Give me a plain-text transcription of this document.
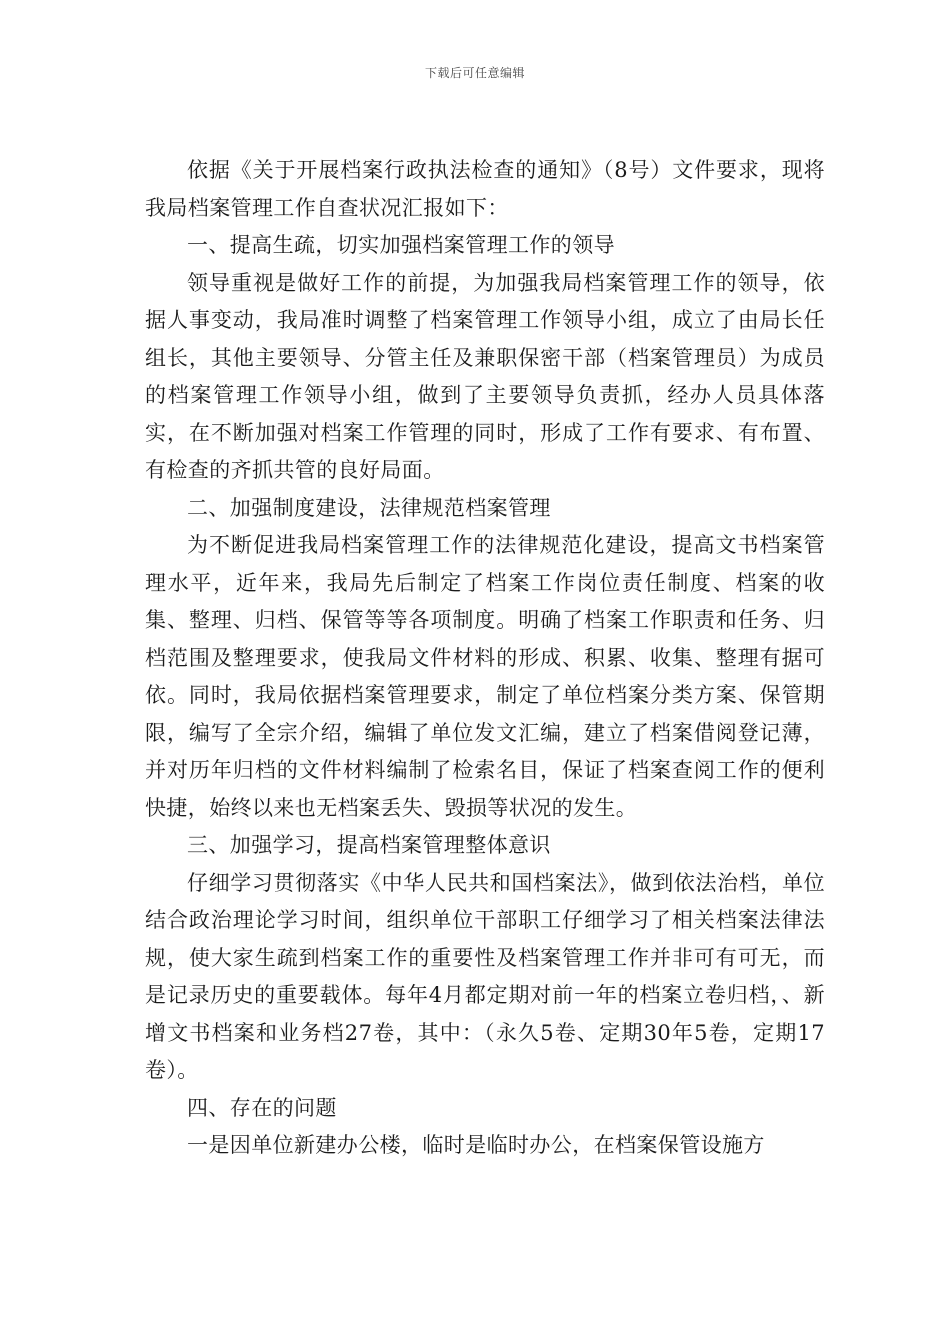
下载后可任意编辑

依据《关于开展档案行政执法检查的通知》（8号）文件要求，现将我局档案管理工作自查状况汇报如下：

一、提高生疏，切实加强档案管理工作的领导

领导重视是做好工作的前提，为加强我局档案管理工作的领导，依据人事变动，我局准时调整了档案管理工作领导小组，成立了由局长任组长，其他主要领导、分管主任及兼职保密干部（档案管理员）为成员的档案管理工作领导小组，做到了主要领导负责抓，经办人员具体落实，在不断加强对档案工作管理的同时，形成了工作有要求、有布置、有检查的齐抓共管的良好局面。

二、加强制度建设，法律规范档案管理

为不断促进我局档案管理工作的法律规范化建设，提高文书档案管理水平，近年来，我局先后制定了档案工作岗位责任制度、档案的收集、整理、归档、保管等等各项制度。明确了档案工作职责和任务、归档范围及整理要求，使我局文件材料的形成、积累、收集、整理有据可依。同时，我局依据档案管理要求，制定了单位档案分类方案、保管期限，编写了全宗介绍，编辑了单位发文汇编，建立了档案借阅登记薄，并对历年归档的文件材料编制了检索名目，保证了档案查阅工作的便利快捷，始终以来也无档案丢失、毁损等状况的发生。

三、加强学习，提高档案管理整体意识

仔细学习贯彻落实《中华人民共和国档案法》，做到依法治档，单位结合政治理论学习时间，组织单位干部职工仔细学习了相关档案法律法规，使大家生疏到档案工作的重要性及档案管理工作并非可有可无，而是记录历史的重要载体。每年4月都定期对前一年的档案立卷归档，、新增文书档案和业务档27卷，其中：（永久5卷、定期30年5卷，定期17卷）。

四、存在的问题

一是因单位新建办公楼，临时是临时办公，在档案保管设施方
